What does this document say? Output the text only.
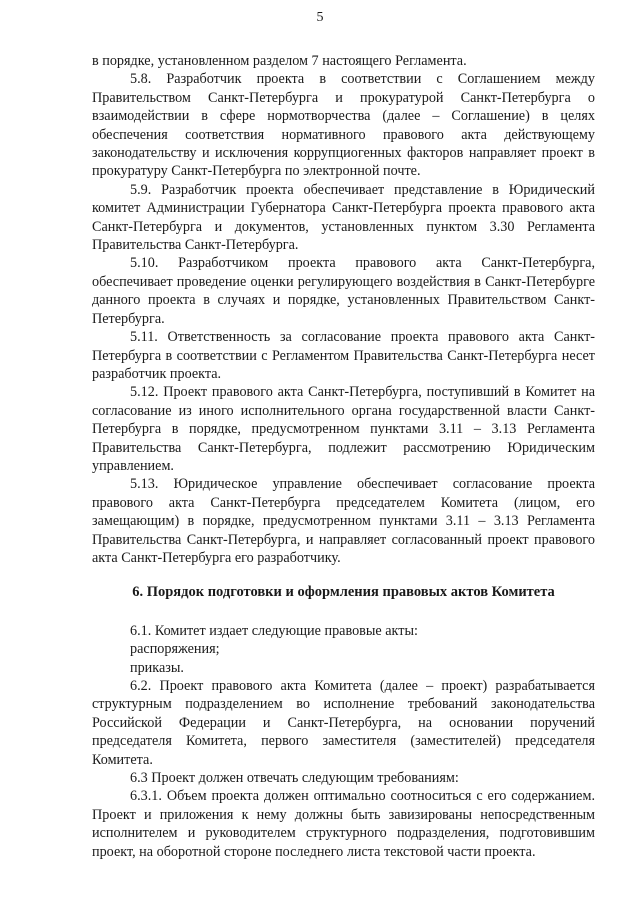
5

в порядке, установленном разделом 7 настоящего Регламента.

5.8. Разработчик проекта в соответствии с Соглашением между Правительством Санкт-Петербурга и прокуратурой Санкт-Петербурга о взаимодействии в сфере нормотворчества (далее – Соглашение) в целях обеспечения соответствия нормативного правового акта действующему законодательству и исключения коррупциогенных факторов направляет проект в прокуратуру Санкт-Петербурга по электронной почте.

5.9. Разработчик проекта обеспечивает представление в Юридический комитет Администрации Губернатора Санкт-Петербурга проекта правового акта Санкт-Петербурга и документов, установленных пунктом 3.30 Регламента Правительства Санкт-Петербурга.

5.10. Разработчиком проекта правового акта Санкт-Петербурга, обеспечивает проведение оценки регулирующего воздействия в Санкт-Петербурге данного проекта в случаях и порядке, установленных Правительством Санкт-Петербурга.

5.11. Ответственность за согласование проекта правового акта Санкт-Петербурга в соответствии с Регламентом Правительства Санкт-Петербурга несет разработчик проекта.

5.12. Проект правового акта Санкт-Петербурга, поступивший в Комитет на согласование из иного исполнительного органа государственной власти Санкт-Петербурга в порядке, предусмотренном пунктами 3.11 – 3.13 Регламента Правительства Санкт-Петербурга, подлежит рассмотрению Юридическим управлением.

5.13. Юридическое управление обеспечивает согласование проекта правового акта Санкт-Петербурга председателем Комитета (лицом, его замещающим) в порядке, предусмотренном пунктами 3.11 – 3.13 Регламента Правительства Санкт-Петербурга, и направляет согласованный проект правового акта Санкт-Петербурга его разработчику.

6. Порядок подготовки и оформления правовых актов Комитета

6.1. Комитет издает следующие правовые акты:

распоряжения;

приказы.

6.2. Проект правового акта Комитета (далее – проект) разрабатывается структурным подразделением во исполнение требований законодательства Российской Федерации и Санкт-Петербурга, на основании поручений председателя Комитета, первого заместителя (заместителей) председателя Комитета.

6.3 Проект должен отвечать следующим требованиям:

6.3.1. Объем проекта должен оптимально соотноситься с его содержанием. Проект и приложения к нему должны быть завизированы непосредственным исполнителем и руководителем структурного подразделения, подготовившим проект, на оборотной стороне последнего листа текстовой части проекта.
